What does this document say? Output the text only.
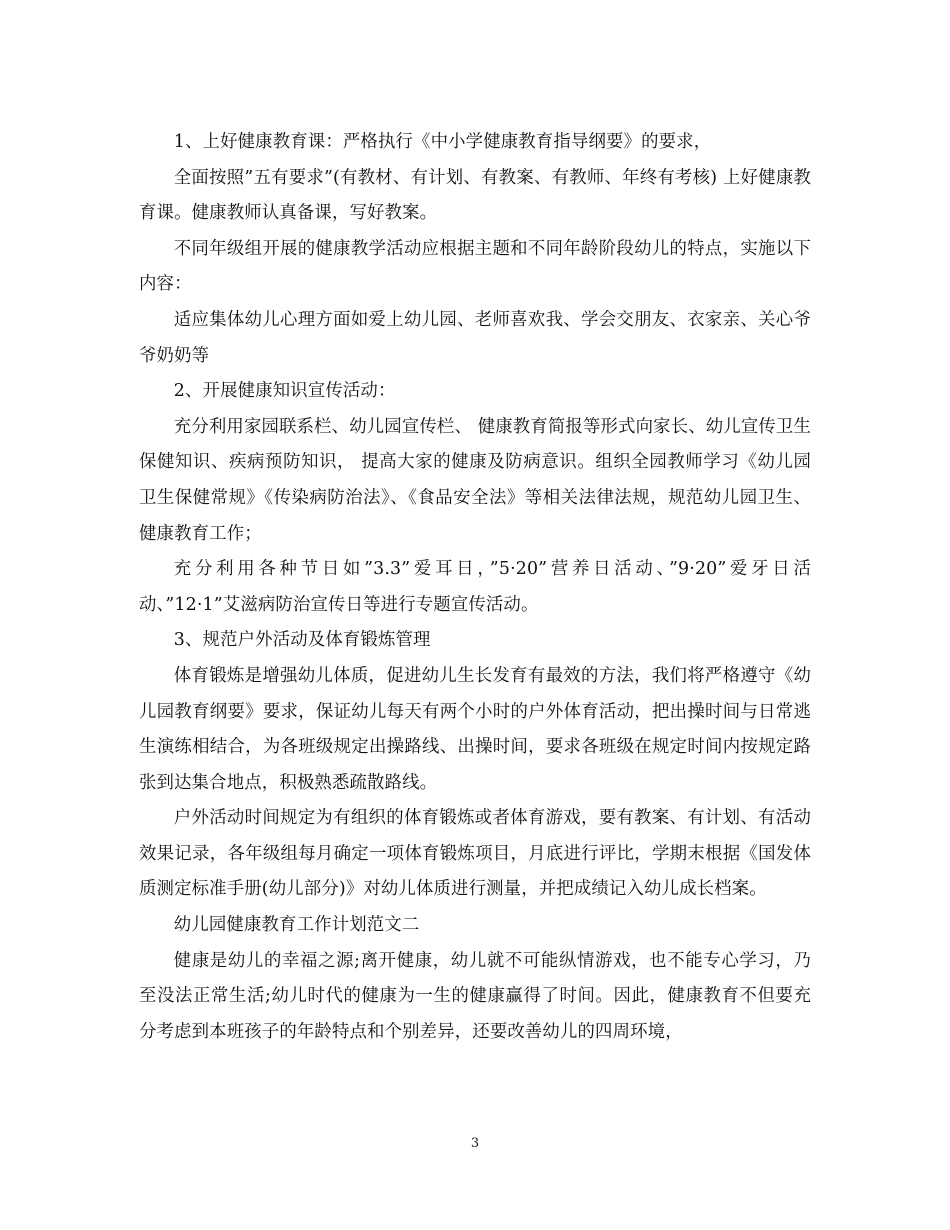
1、上好健康教育课：严格执行《中小学健康教育指导纲要》的要求，

全面按照”五有要求”(有教材、有计划、有教案、有教师、年终有考核) 上好健康教育课。健康教师认真备课，写好教案。

不同年级组开展的健康教学活动应根据主题和不同年龄阶段幼儿的特点，实施以下内容：

适应集体幼儿心理方面如爱上幼儿园、老师喜欢我、学会交朋友、衣家亲、关心爷爷奶奶等

2、开展健康知识宣传活动：

充分利用家园联系栏、幼儿园宣传栏、 健康教育简报等形式向家长、幼儿宣传卫生保健知识、疾病预防知识， 提高大家的健康及防病意识。组织全园教师学习《幼儿园卫生保健常规》《传染病防治法》、《食品安全法》等相关法律法规，规范幼儿园卫生、健康教育工作；

充分利用各种节日如”3.3”爱耳日，”5·20”营养日活动、”9·20”爱牙日活动、”12·1”艾滋病防治宣传日等进行专题宣传活动。

3、规范户外活动及体育锻炼管理

体育锻炼是增强幼儿体质，促进幼儿生长发育有最效的方法，我们将严格遵守《幼儿园教育纲要》要求，保证幼儿每天有两个小时的户外体育活动，把出操时间与日常逃生演练相结合，为各班级规定出操路线、出操时间，要求各班级在规定时间内按规定路张到达集合地点，积极熟悉疏散路线。

户外活动时间规定为有组织的体育锻炼或者体育游戏，要有教案、有计划、有活动效果记录，各年级组每月确定一项体育锻炼项目，月底进行评比，学期末根据《国发体质测定标准手册(幼儿部分)》对幼儿体质进行测量，并把成绩记入幼儿成长档案。

幼儿园健康教育工作计划范文二

健康是幼儿的幸福之源;离开健康，幼儿就不可能纵情游戏，也不能专心学习，乃至没法正常生活;幼儿时代的健康为一生的健康赢得了时间。因此，健康教育不但要充分考虑到本班孩子的年龄特点和个别差异，还要改善幼儿的四周环境，

3
